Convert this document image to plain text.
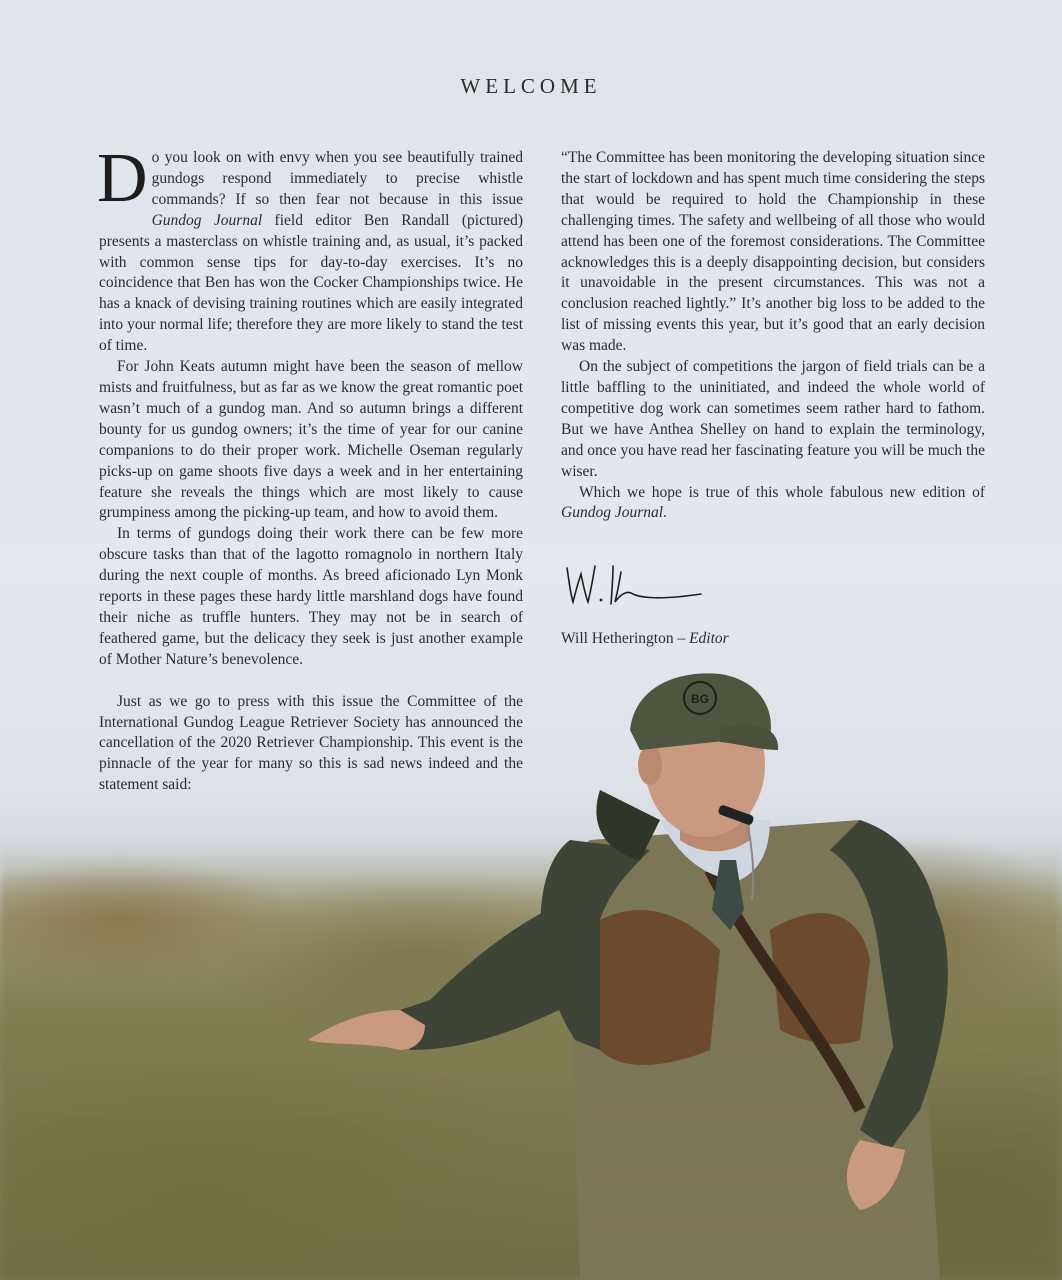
WELCOME

Do you look on with envy when you see beautifully trained gundogs respond immediately to precise whistle commands? If so then fear not because in this issue Gundog Journal field editor Ben Randall (pictured) presents a masterclass on whistle training and, as usual, it’s packed with common sense tips for day-to-day exercises. It’s no coincidence that Ben has won the Cocker Championships twice. He has a knack of devising training routines which are easily integrated into your normal life; therefore they are more likely to stand the test of time.

For John Keats autumn might have been the season of mellow mists and fruitfulness, but as far as we know the great romantic poet wasn’t much of a gundog man. And so autumn brings a different bounty for us gundog owners; it’s the time of year for our canine companions to do their proper work. Michelle Oseman regularly picks-up on game shoots five days a week and in her entertaining feature she reveals the things which are most likely to cause grumpiness among the picking-up team, and how to avoid them.

In terms of gundogs doing their work there can be few more obscure tasks than that of the lagotto romagnolo in northern Italy during the next couple of months. As breed aficionado Lyn Monk reports in these pages these hardy little marshland dogs have found their niche as truffle hunters. They may not be in search of feathered game, but the delicacy they seek is just another example of Mother Nature’s benevolence.

Just as we go to press with this issue the Committee of the International Gundog League Retriever Society has announced the cancellation of the 2020 Retriever Championship. This event is the pinnacle of the year for many so this is sad news indeed and the statement said:

“The Committee has been monitoring the developing situation since the start of lockdown and has spent much time considering the steps that would be required to hold the Championship in these challenging times. The safety and wellbeing of all those who would attend has been one of the foremost considerations. The Committee acknowledges this is a deeply disappointing decision, but considers it unavoidable in the present circumstances. This was not a conclusion reached lightly.” It’s another big loss to be added to the list of missing events this year, but it’s good that an early decision was made.

On the subject of competitions the jargon of field trials can be a little baffling to the uninitiated, and indeed the whole world of competitive dog work can sometimes seem rather hard to fathom. But we have Anthea Shelley on hand to explain the terminology, and once you have read her fascinating feature you will be much the wiser.

Which we hope is true of this whole fabulous new edition of Gundog Journal.

Will Hetherington – Editor
BG
